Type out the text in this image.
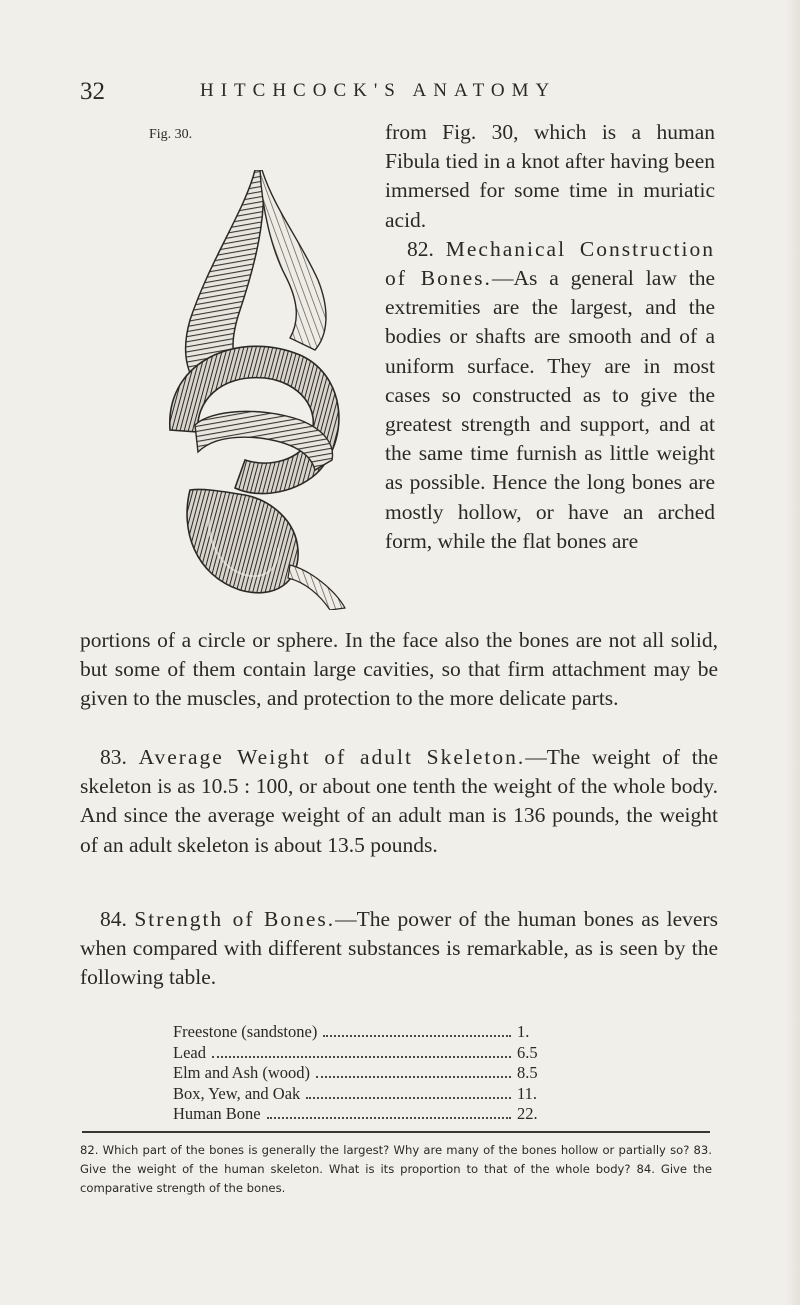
32	HITCHCOCK'S ANATOMY
Fig. 30.	from Fig. 30, which is a human Fibula tied in a knot after having been immersed for some time in muriatic acid.
82. Mechanical Construction of Bones.—As a general law the extremities are the largest, and the bodies or shafts are smooth and of a uniform surface. They are in most cases so constructed as to give the greatest strength and support, and at the same time furnish as little weight as possible. Hence the long bones are mostly hollow, or have an arched form, while the flat bones are
portions of a circle or sphere. In the face also the bones are not all solid, but some of them contain large cavities, so that firm attachment may be given to the muscles, and protection to the more delicate parts.
83. Average Weight of adult Skeleton.—The weight of the skeleton is as 10.5 : 100, or about one tenth the weight of the whole body. And since the average weight of an adult man is 136 pounds, the weight of an adult skeleton is about 13.5 pounds.
84. Strength of Bones.—The power of the human bones as levers when compared with different substances is remarkable, as is seen by the following table.
Freestone (sandstone)	1.
Lead	6.5
Elm and Ash (wood)	8.5
Box, Yew, and Oak	11.
Human Bone	22.
82. Which part of the bones is generally the largest? Why are many of the bones hollow or partially so? 83. Give the weight of the human skeleton. What is its proportion to that of the whole body? 84. Give the comparative strength of the bones.
